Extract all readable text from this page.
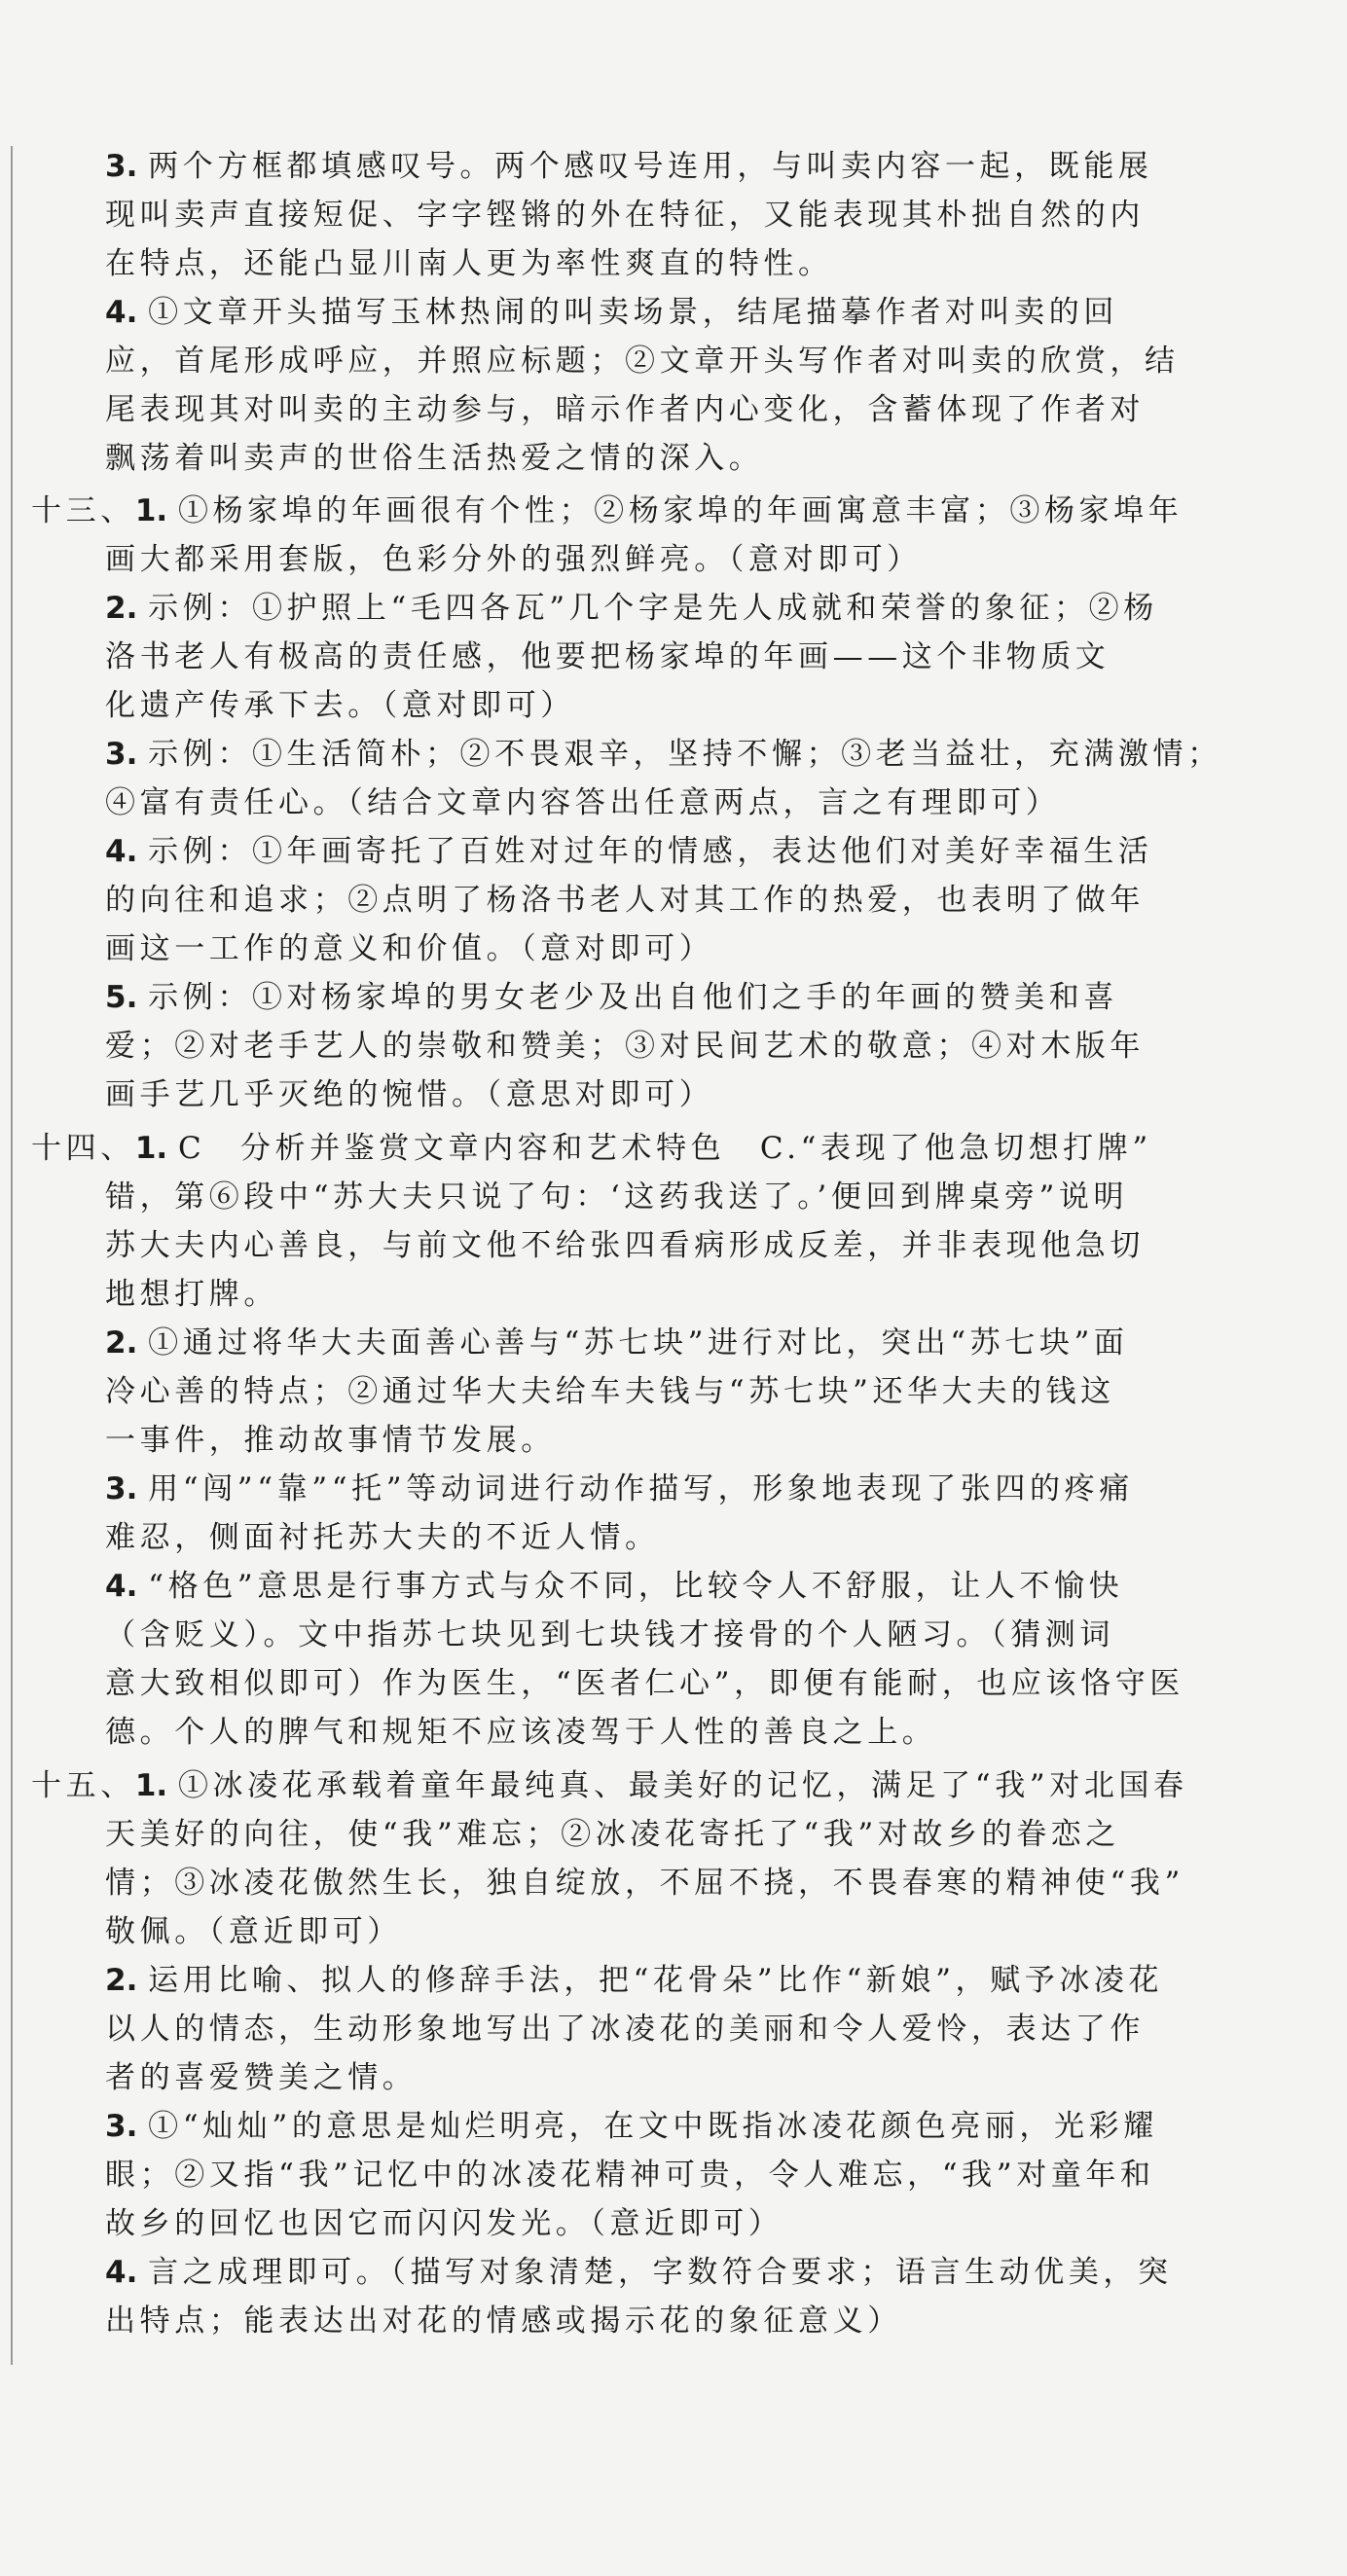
3. 两个方框都填感叹号。两个感叹号连用，与叫卖内容一起，既能展
现叫卖声直接短促、字字铿锵的外在特征，又能表现其朴拙自然的内
在特点，还能凸显川南人更为率性爽直的特性。
4. ①文章开头描写玉林热闹的叫卖场景，结尾描摹作者对叫卖的回
应，首尾形成呼应，并照应标题；②文章开头写作者对叫卖的欣赏，结
尾表现其对叫卖的主动参与，暗示作者内心变化，含蓄体现了作者对
飘荡着叫卖声的世俗生活热爱之情的深入。
十三、1. ①杨家埠的年画很有个性；②杨家埠的年画寓意丰富；③杨家埠年
画大都采用套版，色彩分外的强烈鲜亮。（意对即可）
2. 示例：①护照上“毛四各瓦”几个字是先人成就和荣誉的象征；②杨
洛书老人有极高的责任感，他要把杨家埠的年画——这个非物质文
化遗产传承下去。（意对即可）
3. 示例：①生活简朴；②不畏艰辛，坚持不懈；③老当益壮，充满激情；
④富有责任心。（结合文章内容答出任意两点，言之有理即可）
4. 示例：①年画寄托了百姓对过年的情感，表达他们对美好幸福生活
的向往和追求；②点明了杨洛书老人对其工作的热爱，也表明了做年
画这一工作的意义和价值。（意对即可）
5. 示例：①对杨家埠的男女老少及出自他们之手的年画的赞美和喜
爱；②对老手艺人的崇敬和赞美；③对民间艺术的敬意；④对木版年
画手艺几乎灭绝的惋惜。（意思对即可）
十四、1. C　分析并鉴赏文章内容和艺术特色　C.“表现了他急切想打牌”
错，第⑥段中“苏大夫只说了句：‘这药我送了。’便回到牌桌旁”说明
苏大夫内心善良，与前文他不给张四看病形成反差，并非表现他急切
地想打牌。
2. ①通过将华大夫面善心善与“苏七块”进行对比，突出“苏七块”面
冷心善的特点；②通过华大夫给车夫钱与“苏七块”还华大夫的钱这
一事件，推动故事情节发展。
3. 用“闯”“靠”“托”等动词进行动作描写，形象地表现了张四的疼痛
难忍，侧面衬托苏大夫的不近人情。
4. “格色”意思是行事方式与众不同，比较令人不舒服，让人不愉快
（含贬义）。文中指苏七块见到七块钱才接骨的个人陋习。（猜测词
意大致相似即可）作为医生，“医者仁心”，即便有能耐，也应该恪守医
德。个人的脾气和规矩不应该凌驾于人性的善良之上。
十五、1. ①冰凌花承载着童年最纯真、最美好的记忆，满足了“我”对北国春
天美好的向往，使“我”难忘；②冰凌花寄托了“我”对故乡的眷恋之
情；③冰凌花傲然生长，独自绽放，不屈不挠，不畏春寒的精神使“我”
敬佩。（意近即可）
2. 运用比喻、拟人的修辞手法，把“花骨朵”比作“新娘”，赋予冰凌花
以人的情态，生动形象地写出了冰凌花的美丽和令人爱怜，表达了作
者的喜爱赞美之情。
3. ①“灿灿”的意思是灿烂明亮，在文中既指冰凌花颜色亮丽，光彩耀
眼；②又指“我”记忆中的冰凌花精神可贵，令人难忘，“我”对童年和
故乡的回忆也因它而闪闪发光。（意近即可）
4. 言之成理即可。（描写对象清楚，字数符合要求；语言生动优美，突
出特点；能表达出对花的情感或揭示花的象征意义）
